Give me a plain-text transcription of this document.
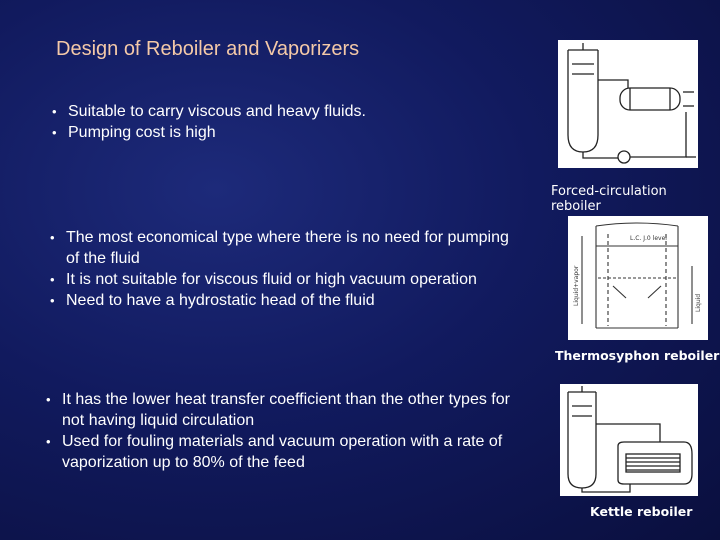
Design of Reboiler and Vaporizers
• Suitable to carry viscous and heavy fluids.
• Pumping cost is high
• The most economical type where there is no need for pumping of the fluid
• It is not suitable for viscous fluid or high vacuum operation
• Need to have a hydrostatic head of the fluid
• It has the lower heat transfer coefficient than the other types for not having liquid circulation
• Used for fouling materials and vacuum operation with a rate of vaporization up to 80% of the feed
Forced-circulation reboiler
L.C. J.0 level
Liquid+vapor	Liquid
Thermosyphon reboiler
Kettle reboiler
